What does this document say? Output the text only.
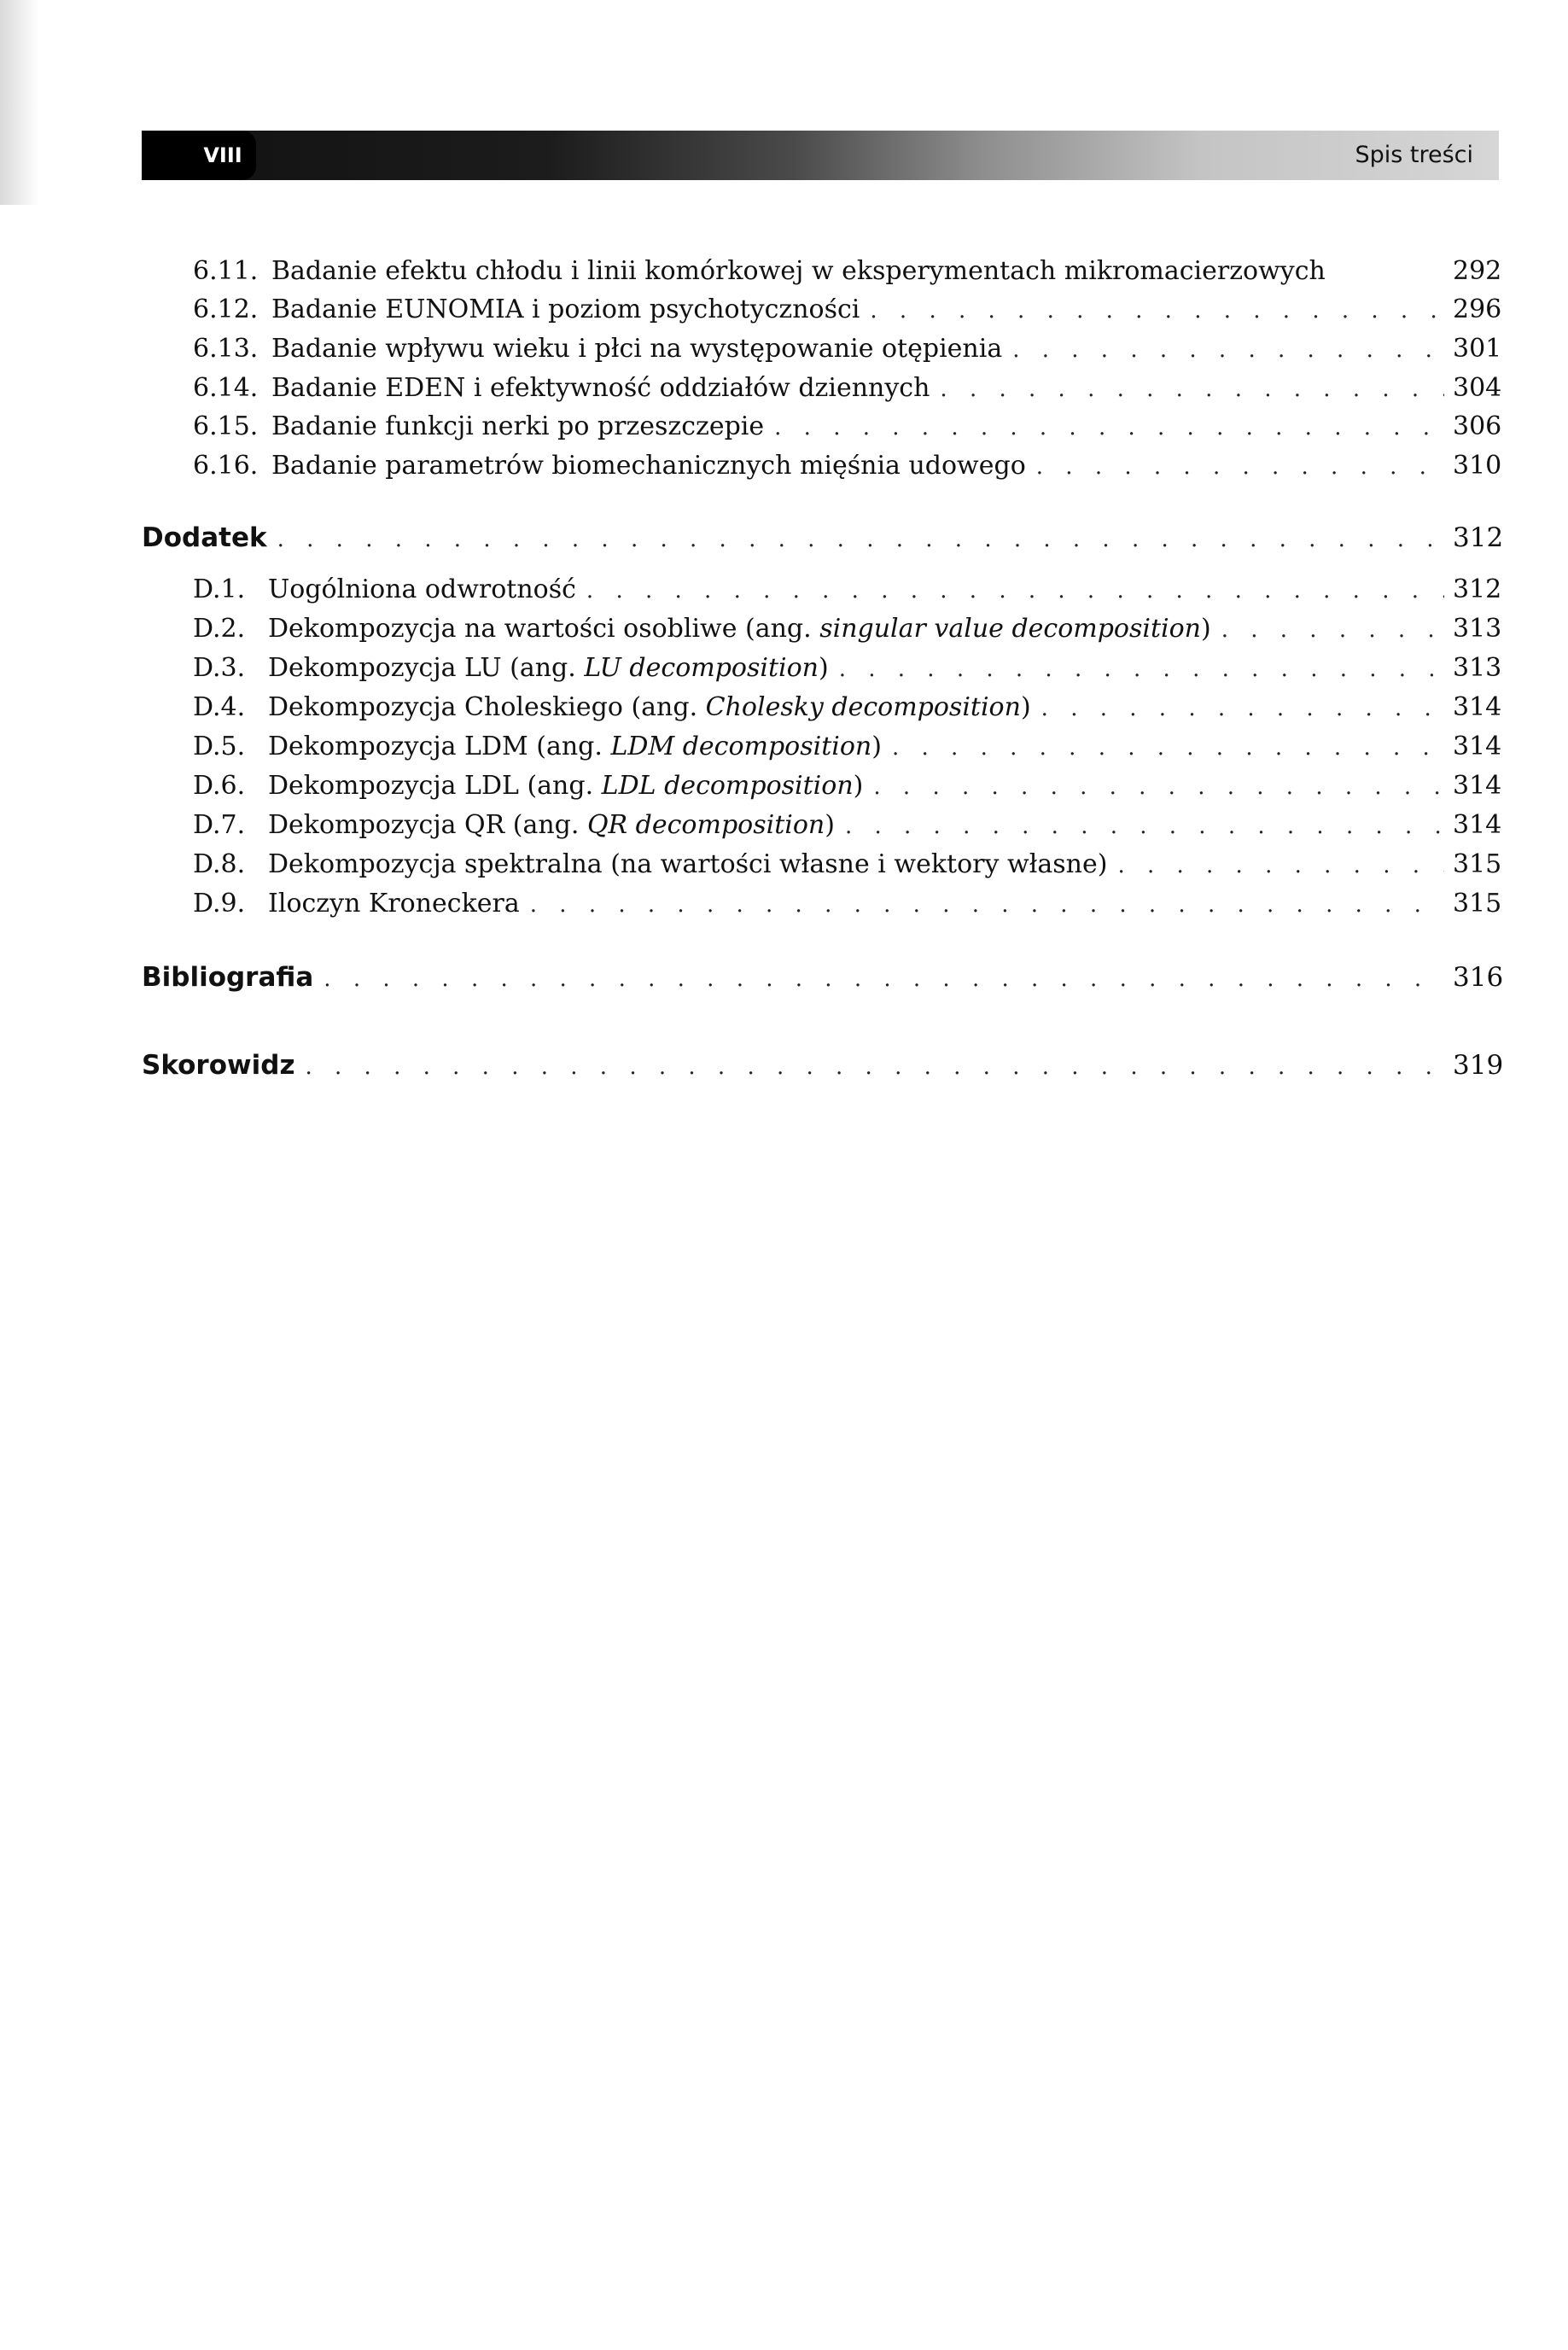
VIII	Spis treści
6.11. Badanie efektu chłodu i linii komórkowej w eksperymentach mikromacierzowych	292
6.12. Badanie EUNOMIA i poziom psychotyczności . . .	296
6.13. Badanie wpływu wieku i płci na występowanie otępienia . . .	301
6.14. Badanie EDEN i efektywność oddziałów dziennych . . .	304
6.15. Badanie funkcji nerki po przeszczepie . . .	306
6.16. Badanie parametrów biomechanicznych mięśnia udowego . . .	310
Dodatek . . .	312
D.1. Uogólniona odwrotność . . .	312
D.2. Dekompozycja na wartości osobliwe (ang. singular value decomposition) . . .	313
D.3. Dekompozycja LU (ang. LU decomposition) . . .	313
D.4. Dekompozycja Choleskiego (ang. Cholesky decomposition) . . .	314
D.5. Dekompozycja LDM (ang. LDM decomposition) . . .	314
D.6. Dekompozycja LDL (ang. LDL decomposition) . . .	314
D.7. Dekompozycja QR (ang. QR decomposition) . . .	314
D.8. Dekompozycja spektralna (na wartości własne i wektory własne) . . .	315
D.9. Iloczyn Kroneckera . . .	315
Bibliografia . . .	316
Skorowidz . . .	319
